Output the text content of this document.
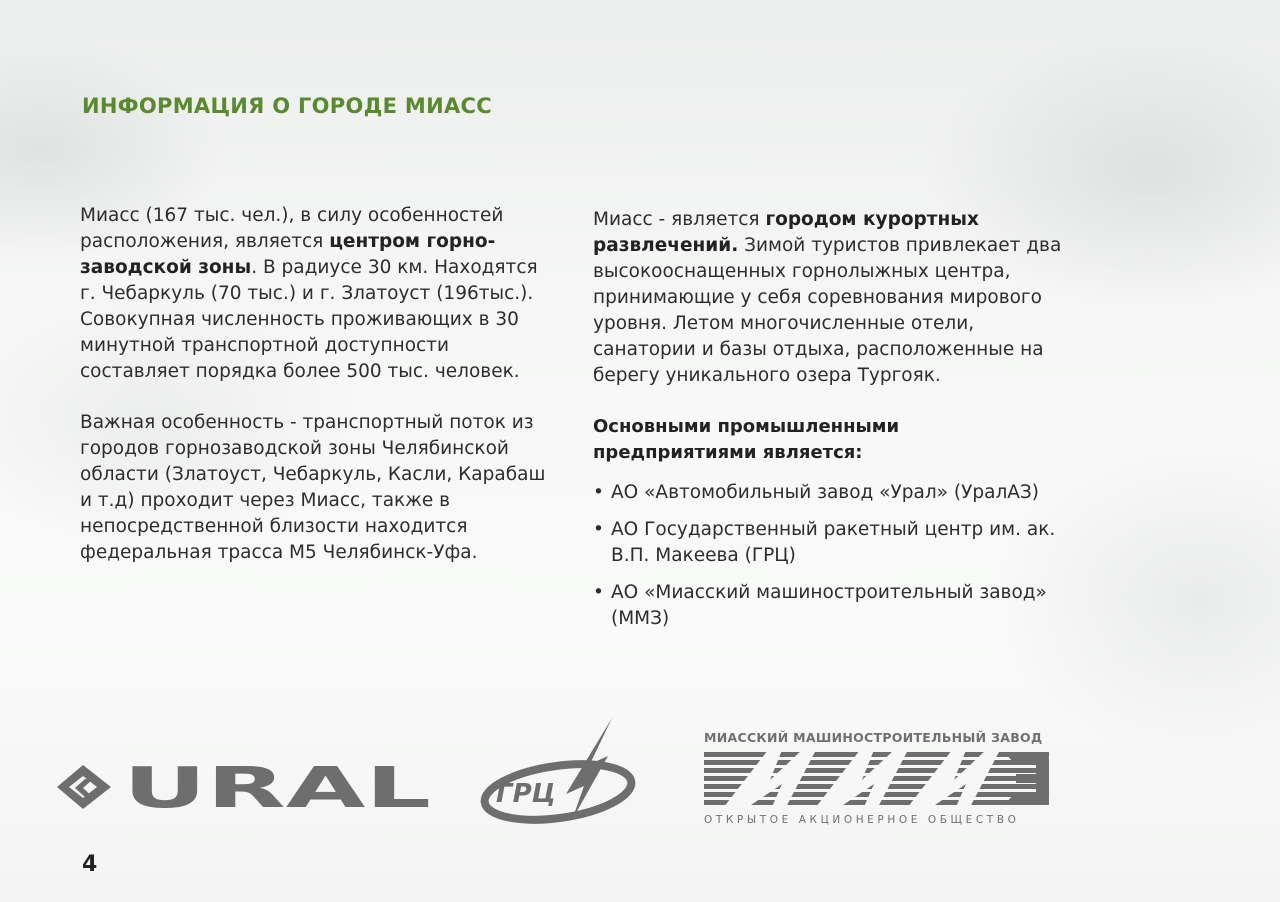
ИНФОРМАЦИЯ О ГОРОДЕ МИАСС

Миасс (167 тыс. чел.), в силу особенностей расположения, является центром горно-заводской зоны. В радиусе 30 км. Находятся г. Чебаркуль (70 тыс.) и г. Златоуст (196тыс.). Совокупная численность проживающих в 30 минутной транспортной доступности составляет порядка более 500 тыс. человек.

Важная особенность - транспортный поток из городов горнозаводской зоны Челябинской области (Златоуст, Чебаркуль, Касли, Карабаш и т.д) проходит через Миасс, также в непосредственной близости находится федеральная трасса М5 Челябинск-Уфа.

Миасс - является городом курортных развлечений. Зимой туристов привлекает два высокооснащенных горнолыжных центра, принимающие у себя соревнования мирового уровня. Летом многочисленные отели, санатории и базы отдыха, расположенные на берегу уникального озера Тургояк.

Основными промышленными предприятиями является:
• АО «Автомобильный завод «Урал» (УралАЗ)
• АО Государственный ракетный центр им. ак. В.П. Макеева (ГРЦ)
• АО «Миасский машиностроительный завод» (ММЗ)
URAL	ГРЦ
МИАССКИЙ МАШИНОСТРОИТЕЛЬНЫЙ ЗАВОД
ОТКРЫТОЕ АКЦИОНЕРНОЕ ОБЩЕСТВО
4
